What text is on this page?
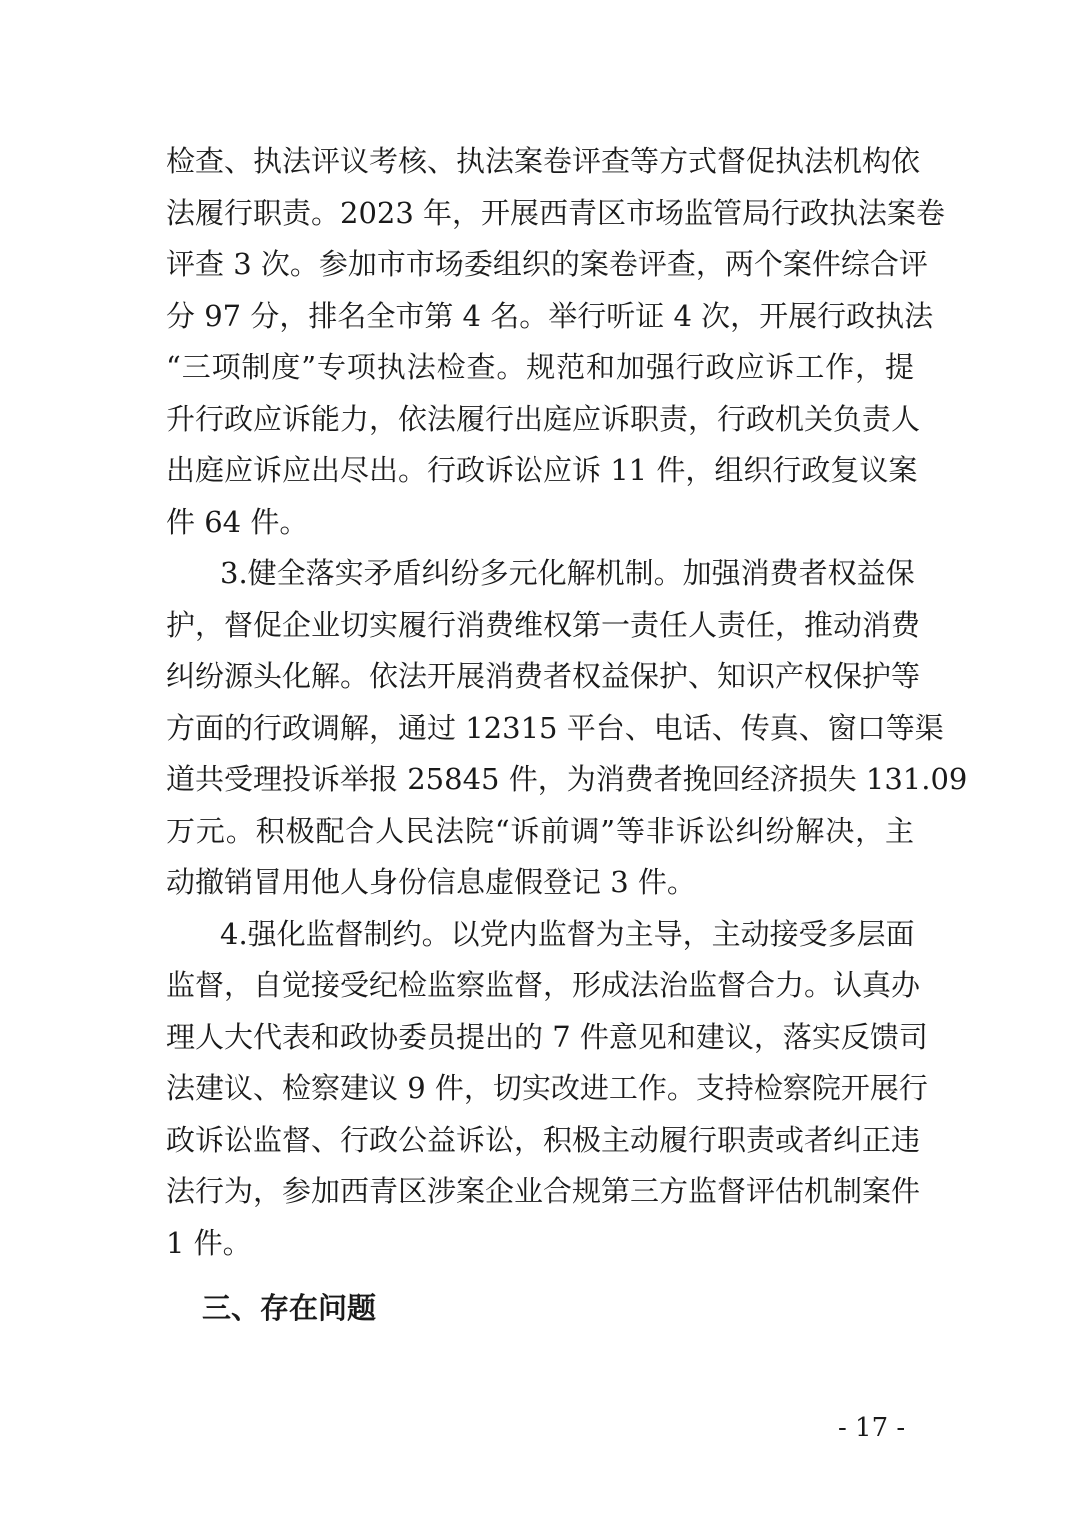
检查、执法评议考核、执法案卷评查等方式督促执法机构依
法履行职责。2023 年，开展西青区市场监管局行政执法案卷
评查 3 次。参加市市场委组织的案卷评查，两个案件综合评
分 97 分，排名全市第 4 名。举行听证 4 次，开展行政执法
“三项制度”专项执法检查。规范和加强行政应诉工作，提
升行政应诉能力，依法履行出庭应诉职责，行政机关负责人
出庭应诉应出尽出。行政诉讼应诉 11 件，组织行政复议案
件 64 件。
3.健全落实矛盾纠纷多元化解机制。加强消费者权益保
护，督促企业切实履行消费维权第一责任人责任，推动消费
纠纷源头化解。依法开展消费者权益保护、知识产权保护等
方面的行政调解，通过 12315 平台、电话、传真、窗口等渠
道共受理投诉举报 25845 件，为消费者挽回经济损失 131.09
万元。积极配合人民法院“诉前调”等非诉讼纠纷解决，主
动撤销冒用他人身份信息虚假登记 3 件。
4.强化监督制约。以党内监督为主导，主动接受多层面
监督，自觉接受纪检监察监督，形成法治监督合力。认真办
理人大代表和政协委员提出的 7 件意见和建议，落实反馈司
法建议、检察建议 9 件，切实改进工作。支持检察院开展行
政诉讼监督、行政公益诉讼，积极主动履行职责或者纠正违
法行为，参加西青区涉案企业合规第三方监督评估机制案件
1 件。
三、存在问题
- 17 -
